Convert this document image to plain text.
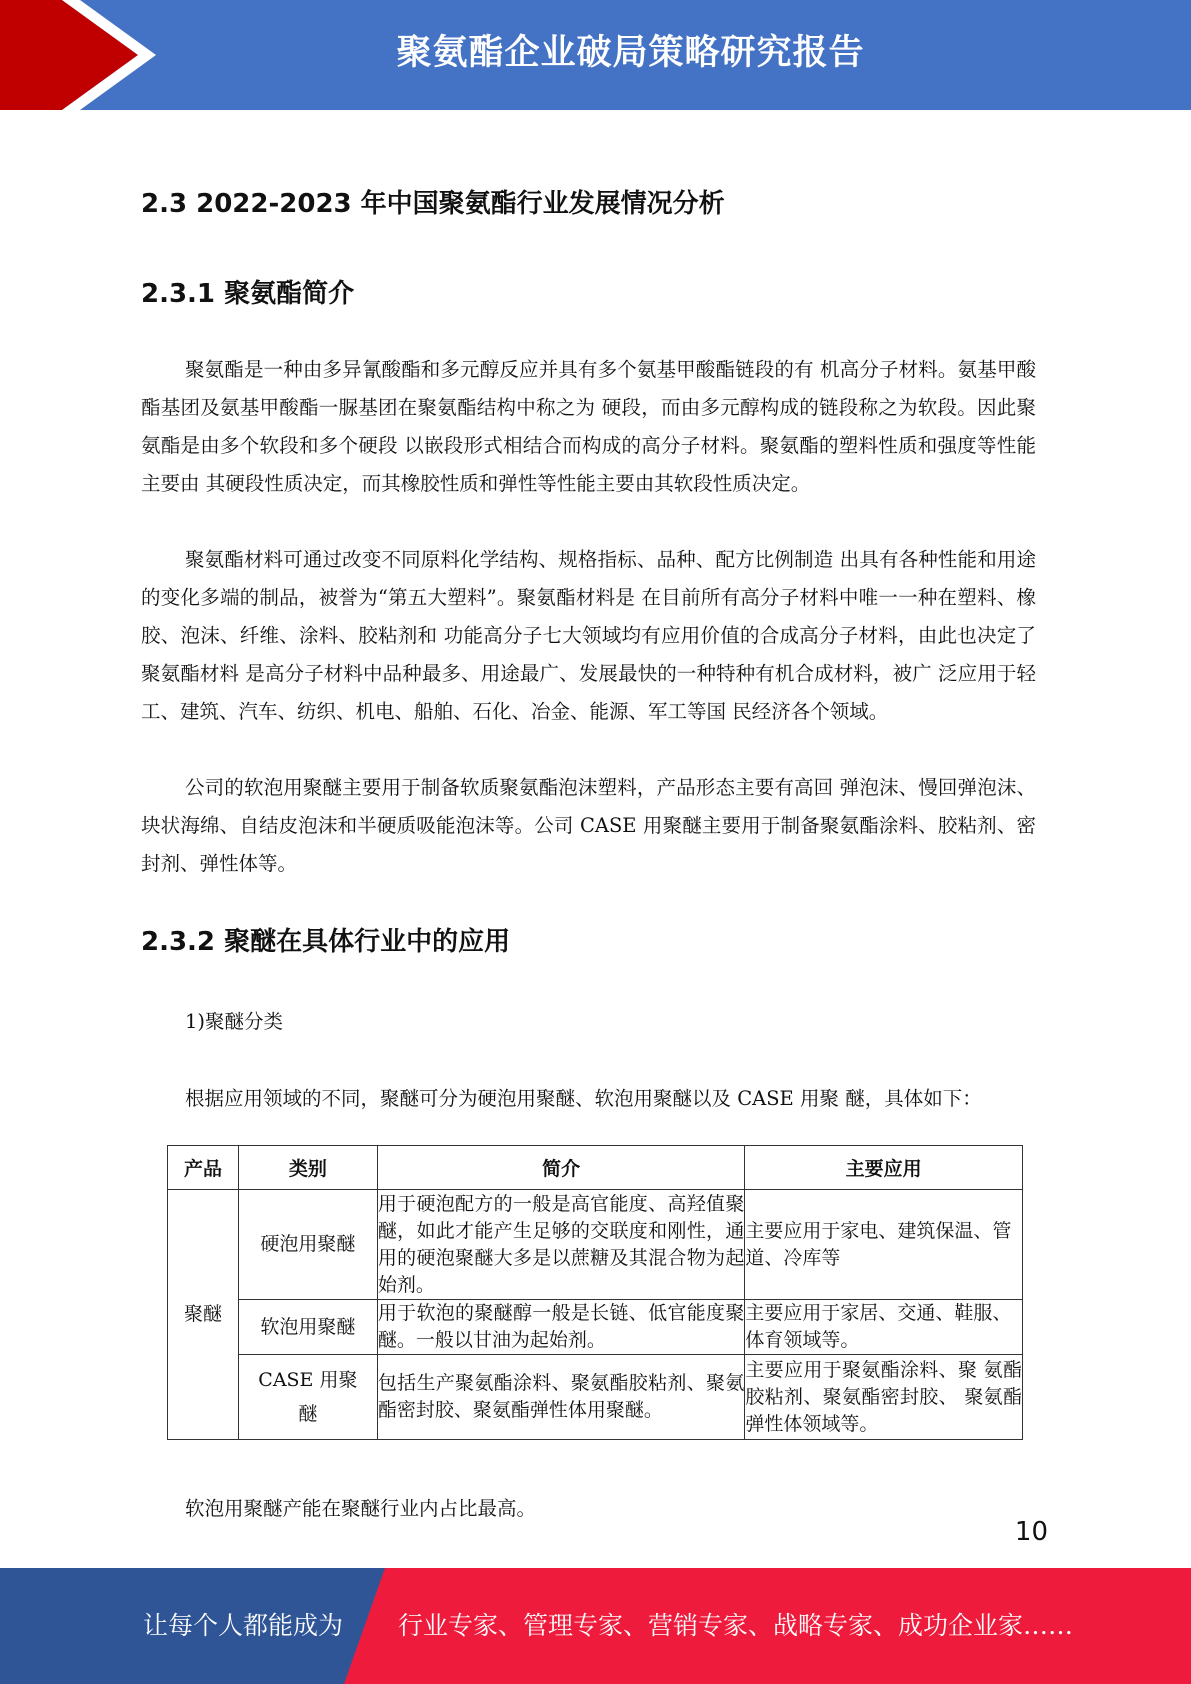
聚氨酯企业破局策略研究报告
2.3 2022-2023 年中国聚氨酯行业发展情况分析
2.3.1 聚氨酯简介

聚氨酯是一种由多异氰酸酯和多元醇反应并具有多个氨基甲酸酯链段的有 机高分子材料。氨基甲酸酯基团及氨基甲酸酯一脲基团在聚氨酯结构中称之为 硬段，而由多元醇构成的链段称之为软段。因此聚氨酯是由多个软段和多个硬段 以嵌段形式相结合而构成的高分子材料。聚氨酯的塑料性质和强度等性能主要由 其硬段性质决定，而其橡胶性质和弹性等性能主要由其软段性质决定。

聚氨酯材料可通过改变不同原料化学结构、规格指标、品种、配方比例制造 出具有各种性能和用途的变化多端的制品，被誉为“第五大塑料”。聚氨酯材料是 在目前所有高分子材料中唯一一种在塑料、橡胶、泡沫、纤维、涂料、胶粘剂和 功能高分子七大领域均有应用价值的合成高分子材料，由此也决定了聚氨酯材料 是高分子材料中品种最多、用途最广、发展最快的一种特种有机合成材料，被广 泛应用于轻工、建筑、汽车、纺织、机电、船舶、石化、冶金、能源、军工等国 民经济各个领域。

公司的软泡用聚醚主要用于制备软质聚氨酯泡沫塑料，产品形态主要有高回 弹泡沫、慢回弹泡沫、块状海绵、自结皮泡沫和半硬质吸能泡沫等。公司 CASE 用聚醚主要用于制备聚氨酯涂料、胶粘剂、密封剂、弹性体等。

2.3.2 聚醚在具体行业中的应用
1)聚醚分类
根据应用领域的不同，聚醚可分为硬泡用聚醚、软泡用聚醚以及 CASE 用聚 醚，具体如下：
产品	类别	简介	主要应用
聚醚	硬泡用聚醚	用于硬泡配方的一般是高官能度、高羟值聚醚，如此才能产生足够的交联度和刚性，通用的硬泡聚醚大多是以蔗糖及其混合物为起始剂。	主要应用于家电、建筑保温、管道、冷库等
	软泡用聚醚	用于软泡的聚醚醇一般是长链、低官能度聚醚。一般以甘油为起始剂。	主要应用于家居、交通、鞋服、体育领域等。
	CASE 用聚醚	包括生产聚氨酯涂料、聚氨酯胶粘剂、聚氨酯密封胶、聚氨酯弹性体用聚醚。	主要应用于聚氨酯涂料、聚 氨酯胶粘剂、聚氨酯密封胶、 聚氨酯弹性体领域等。
软泡用聚醚产能在聚醚行业内占比最高。
10
让每个人都能成为 行业专家、管理专家、营销专家、战略专家、成功企业家……
